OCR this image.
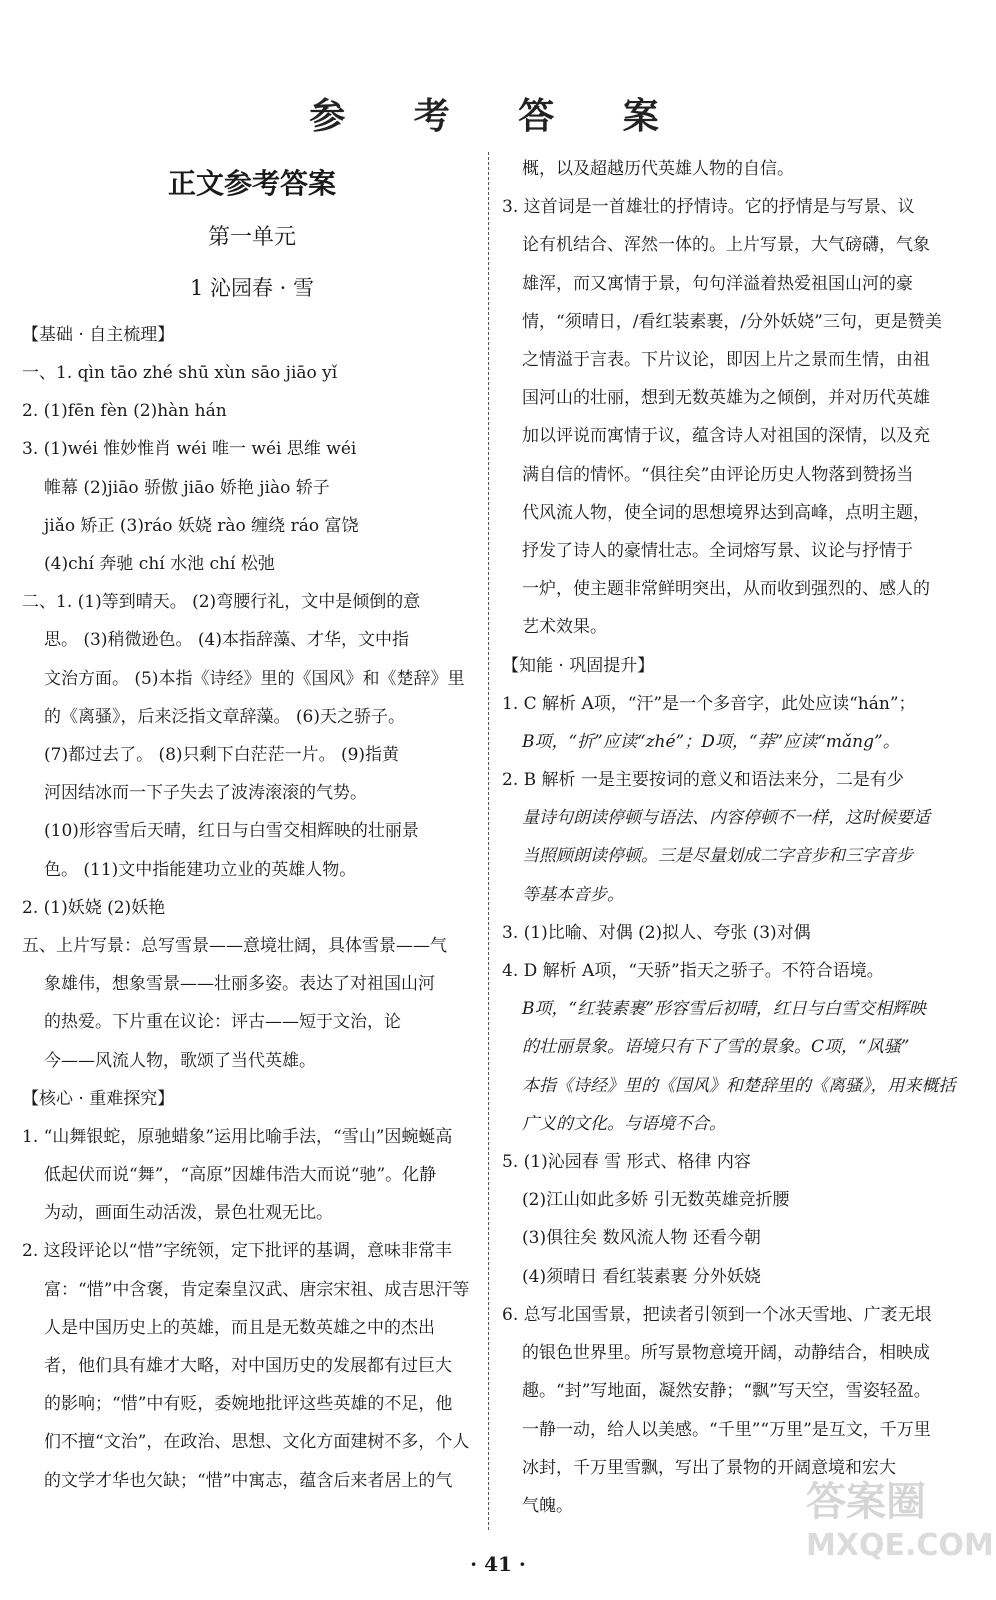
参 考 答 案
正文参考答案
第一单元
1 沁园春 · 雪
【基础 · 自主梳理】
一、1. qìn tāo zhé shū xùn sāo jiāo yǐ
2. (1)fēn fèn (2)hàn hán
3. (1)wéi 惟妙惟肖 wéi 唯一 wéi 思维 wéi
帷幕 (2)jiāo 骄傲 jiāo 娇艳 jiào 轿子
jiǎo 矫正 (3)ráo 妖娆 rào 缠绕 ráo 富饶
(4)chí 奔驰 chí 水池 chí 松弛
二、1. (1)等到晴天。 (2)弯腰行礼，文中是倾倒的意
思。 (3)稍微逊色。 (4)本指辞藻、才华，文中指
文治方面。 (5)本指《诗经》里的《国风》和《楚辞》里
的《离骚》，后来泛指文章辞藻。 (6)天之骄子。
(7)都过去了。 (8)只剩下白茫茫一片。 (9)指黄
河因结冰而一下子失去了波涛滚滚的气势。
(10)形容雪后天晴，红日与白雪交相辉映的壮丽景
色。 (11)文中指能建功立业的英雄人物。
2. (1)妖娆 (2)妖艳
五、上片写景：总写雪景——意境壮阔，具体雪景——气
象雄伟，想象雪景——壮丽多姿。表达了对祖国山河
的热爱。下片重在议论：评古——短于文治，论
今——风流人物，歌颂了当代英雄。
【核心 · 重难探究】
1. “山舞银蛇，原驰蜡象”运用比喻手法，“雪山”因蜿蜒高
低起伏而说“舞”，“高原”因雄伟浩大而说“驰”。化静
为动，画面生动活泼，景色壮观无比。
2. 这段评论以“惜”字统领，定下批评的基调，意味非常丰
富：“惜”中含褒，肯定秦皇汉武、唐宗宋祖、成吉思汗等
人是中国历史上的英雄，而且是无数英雄之中的杰出
者，他们具有雄才大略，对中国历史的发展都有过巨大
的影响；“惜”中有贬，委婉地批评这些英雄的不足，他
们不擅“文治”，在政治、思想、文化方面建树不多，个人
的文学才华也欠缺；“惜”中寓志，蕴含后来者居上的气
概，以及超越历代英雄人物的自信。
3. 这首词是一首雄壮的抒情诗。它的抒情是与写景、议
论有机结合、浑然一体的。上片写景，大气磅礴，气象
雄浑，而又寓情于景，句句洋溢着热爱祖国山河的豪
情，“须晴日，/看红装素裹，/分外妖娆”三句，更是赞美
之情溢于言表。下片议论，即因上片之景而生情，由祖
国河山的壮丽，想到无数英雄为之倾倒，并对历代英雄
加以评说而寓情于议，蕴含诗人对祖国的深情，以及充
满自信的情怀。“俱往矣”由评论历史人物落到赞扬当
代风流人物，使全词的思想境界达到高峰，点明主题，
抒发了诗人的豪情壮志。全词熔写景、议论与抒情于
一炉，使主题非常鲜明突出，从而收到强烈的、感人的
艺术效果。
【知能 · 巩固提升】
1. C 解析 A项，“汗”是一个多音字，此处应读“hán”；
B项，“折”应读“zhé”；D项，“莽”应读“mǎng”。
2. B 解析 一是主要按词的意义和语法来分，二是有少
量诗句朗读停顿与语法、内容停顿不一样，这时候要适
当照顾朗读停顿。三是尽量划成二字音步和三字音步
等基本音步。
3. (1)比喻、对偶 (2)拟人、夸张 (3)对偶
4. D 解析 A项，“天骄”指天之骄子。不符合语境。
B项，“红装素裹”形容雪后初晴，红日与白雪交相辉映
的壮丽景象。语境只有下了雪的景象。C项，“风骚”
本指《诗经》里的《国风》和楚辞里的《离骚》，用来概括
广义的文化。与语境不合。
5. (1)沁园春 雪 形式、格律 内容
(2)江山如此多娇 引无数英雄竞折腰
(3)俱往矣 数风流人物 还看今朝
(4)须晴日 看红装素裹 分外妖娆
6. 总写北国雪景，把读者引领到一个冰天雪地、广袤无垠
的银色世界里。所写景物意境开阔，动静结合，相映成
趣。“封”写地面，凝然安静；“飘”写天空，雪姿轻盈。
一静一动，给人以美感。“千里”“万里”是互文，千万里
冰封，千万里雪飘，写出了景物的开阔意境和宏大
气魄。
· 41 ·
答案圈
MXQE.COM
